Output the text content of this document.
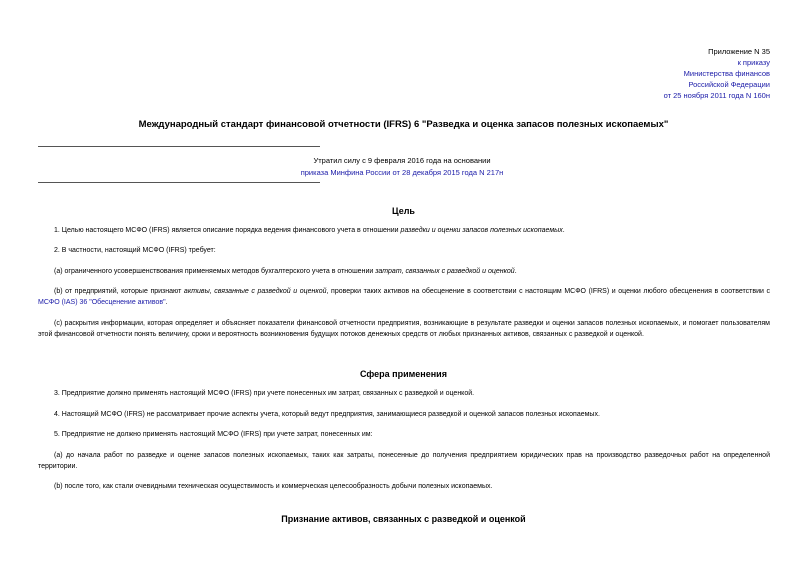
Приложение N 35
к приказу
Министерства финансов
Российской Федерации
от 25 ноября 2011 года N 160н
Международный стандарт финансовой отчетности (IFRS) 6 "Разведка и оценка запасов полезных ископаемых"
Утратил силу с 9 февраля 2016 года на основании
приказа Минфина России от 28 декабря 2015 года N 217н
Цель
1. Целью настоящего МСФО (IFRS) является описание порядка ведения финансового учета в отношении разведки и оценки запасов полезных ископаемых.
2. В частности, настоящий МСФО (IFRS) требует:
(a) ограниченного усовершенствования применяемых методов бухгалтерского учета в отношении затрат, связанных с разведкой и оценкой.
(b) от предприятий, которые признают активы, связанные с разведкой и оценкой, проверки таких активов на обесценение в соответствии с настоящим МСФО (IFRS) и оценки любого обесценения в соответствии с МСФО (IAS) 36 "Обесценение активов".
(c) раскрытия информации, которая определяет и объясняет показатели финансовой отчетности предприятия, возникающие в результате разведки и оценки запасов полезных ископаемых, и помогает пользователям этой финансовой отчетности понять величину, сроки и вероятность возникновения будущих потоков денежных средств от любых признанных активов, связанных с разведкой и оценкой.
Сфера применения
3. Предприятие должно применять настоящий МСФО (IFRS) при учете понесенных им затрат, связанных с разведкой и оценкой.
4. Настоящий МСФО (IFRS) не рассматривает прочие аспекты учета, который ведут предприятия, занимающиеся разведкой и оценкой запасов полезных ископаемых.
5. Предприятие не должно применять настоящий МСФО (IFRS) при учете затрат, понесенных им:
(a) до начала работ по разведке и оценке запасов полезных ископаемых, таких как затраты, понесенные до получения предприятием юридических прав на производство разведочных работ на определенной территории.
(b) после того, как стали очевидными техническая осуществимость и коммерческая целесообразность добычи полезных ископаемых.
Признание активов, связанных с разведкой и оценкой
